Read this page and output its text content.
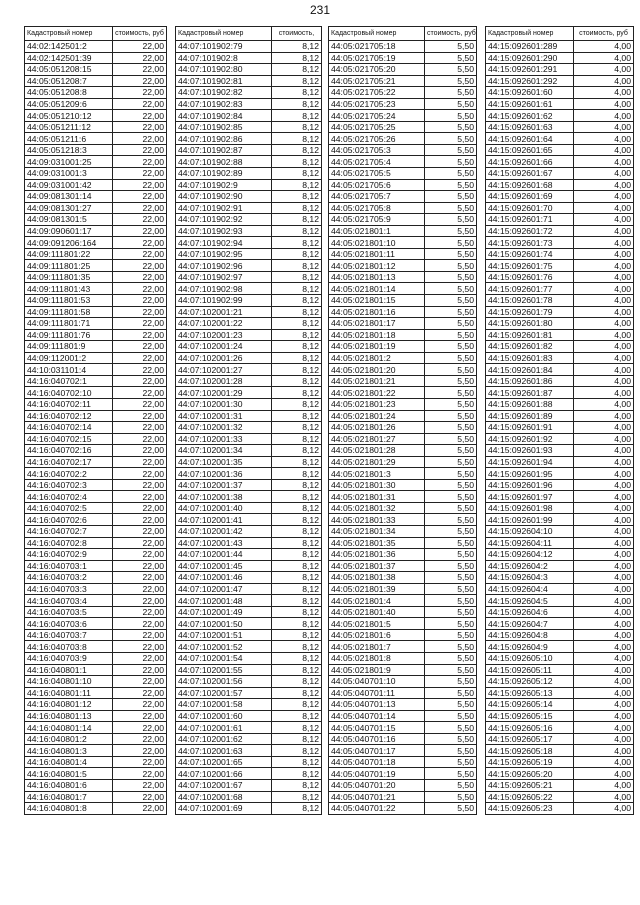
231
Кадастровый номер	стоимость, руб
44:02:142501:2	22,00
44:02:142501:39	22,00
44:05:051208:15	22,00
44:05:051208:7	22,00
44:05:051208:8	22,00
44:05:051209:6	22,00
44:05:051210:12	22,00
44:05:051211:12	22,00
44:05:051211:6	22,00
44:05:051218:3	22,00
44:09:031001:25	22,00
44:09:031001:3	22,00
44:09:031001:42	22,00
44:09:081301:14	22,00
44:09:081301:27	22,00
44:09:081301:5	22,00
44:09:090601:17	22,00
44:09:091206:164	22,00
44:09:111801:22	22,00
44:09:111801:25	22,00
44:09:111801:35	22,00
44:09:111801:43	22,00
44:09:111801:53	22,00
44:09:111801:58	22,00
44:09:111801:71	22,00
44:09:111801:76	22,00
44:09:111801:9	22,00
44:09:112001:2	22,00
44:10:031101:4	22,00
44:16:040702:1	22,00
44:16:040702:10	22,00
44:16:040702:11	22,00
44:16:040702:12	22,00
44:16:040702:14	22,00
44:16:040702:15	22,00
44:16:040702:16	22,00
44:16:040702:17	22,00
44:16:040702:2	22,00
44:16:040702:3	22,00
44:16:040702:4	22,00
44:16:040702:5	22,00
44:16:040702:6	22,00
44:16:040702:7	22,00
44:16:040702:8	22,00
44:16:040702:9	22,00
44:16:040703:1	22,00
44:16:040703:2	22,00
44:16:040703:3	22,00
44:16:040703:4	22,00
44:16:040703:5	22,00
44:16:040703:6	22,00
44:16:040703:7	22,00
44:16:040703:8	22,00
44:16:040703:9	22,00
44:16:040801:1	22,00
44:16:040801:10	22,00
44:16:040801:11	22,00
44:16:040801:12	22,00
44:16:040801:13	22,00
44:16:040801:14	22,00
44:16:040801:2	22,00
44:16:040801:3	22,00
44:16:040801:4	22,00
44:16:040801:5	22,00
44:16:040801:6	22,00
44:16:040801:7	22,00
44:16:040801:8	22,00
Кадастровый номер	стоимость,
44:07:101902:79	8,12
44:07:101902:8	8,12
44:07:101902:80	8,12
44:07:101902:81	8,12
44:07:101902:82	8,12
44:07:101902:83	8,12
44:07:101902:84	8,12
44:07:101902:85	8,12
44:07:101902:86	8,12
44:07:101902:87	8,12
44:07:101902:88	8,12
44:07:101902:89	8,12
44:07:101902:9	8,12
44:07:101902:90	8,12
44:07:101902:91	8,12
44:07:101902:92	8,12
44:07:101902:93	8,12
44:07:101902:94	8,12
44:07:101902:95	8,12
44:07:101902:96	8,12
44:07:101902:97	8,12
44:07:101902:98	8,12
44:07:101902:99	8,12
44:07:102001:21	8,12
44:07:102001:22	8,12
44:07:102001:23	8,12
44:07:102001:24	8,12
44:07:102001:26	8,12
44:07:102001:27	8,12
44:07:102001:28	8,12
44:07:102001:29	8,12
44:07:102001:30	8,12
44:07:102001:31	8,12
44:07:102001:32	8,12
44:07:102001:33	8,12
44:07:102001:34	8,12
44:07:102001:35	8,12
44:07:102001:36	8,12
44:07:102001:37	8,12
44:07:102001:38	8,12
44:07:102001:40	8,12
44:07:102001:41	8,12
44:07:102001:42	8,12
44:07:102001:43	8,12
44:07:102001:44	8,12
44:07:102001:45	8,12
44:07:102001:46	8,12
44:07:102001:47	8,12
44:07:102001:48	8,12
44:07:102001:49	8,12
44:07:102001:50	8,12
44:07:102001:51	8,12
44:07:102001:52	8,12
44:07:102001:54	8,12
44:07:102001:55	8,12
44:07:102001:56	8,12
44:07:102001:57	8,12
44:07:102001:58	8,12
44:07:102001:60	8,12
44:07:102001:61	8,12
44:07:102001:62	8,12
44:07:102001:63	8,12
44:07:102001:65	8,12
44:07:102001:66	8,12
44:07:102001:67	8,12
44:07:102001:68	8,12
44:07:102001:69	8,12
Кадастровый номер	стоимость, руб
44:05:021705:18	5,50
44:05:021705:19	5,50
44:05:021705:20	5,50
44:05:021705:21	5,50
44:05:021705:22	5,50
44:05:021705:23	5,50
44:05:021705:24	5,50
44:05:021705:25	5,50
44:05:021705:26	5,50
44:05:021705:3	5,50
44:05:021705:4	5,50
44:05:021705:5	5,50
44:05:021705:6	5,50
44:05:021705:7	5,50
44:05:021705:8	5,50
44:05:021705:9	5,50
44:05:021801:1	5,50
44:05:021801:10	5,50
44:05:021801:11	5,50
44:05:021801:12	5,50
44:05:021801:13	5,50
44:05:021801:14	5,50
44:05:021801:15	5,50
44:05:021801:16	5,50
44:05:021801:17	5,50
44:05:021801:18	5,50
44:05:021801:19	5,50
44:05:021801:2	5,50
44:05:021801:20	5,50
44:05:021801:21	5,50
44:05:021801:22	5,50
44:05:021801:23	5,50
44:05:021801:24	5,50
44:05:021801:26	5,50
44:05:021801:27	5,50
44:05:021801:28	5,50
44:05:021801:29	5,50
44:05:021801:3	5,50
44:05:021801:30	5,50
44:05:021801:31	5,50
44:05:021801:32	5,50
44:05:021801:33	5,50
44:05:021801:34	5,50
44:05:021801:35	5,50
44:05:021801:36	5,50
44:05:021801:37	5,50
44:05:021801:38	5,50
44:05:021801:39	5,50
44:05:021801:4	5,50
44:05:021801:40	5,50
44:05:021801:5	5,50
44:05:021801:6	5,50
44:05:021801:7	5,50
44:05:021801:8	5,50
44:05:021801:9	5,50
44:05:040701:10	5,50
44:05:040701:11	5,50
44:05:040701:13	5,50
44:05:040701:14	5,50
44:05:040701:15	5,50
44:05:040701:16	5,50
44:05:040701:17	5,50
44:05:040701:18	5,50
44:05:040701:19	5,50
44:05:040701:20	5,50
44:05:040701:21	5,50
44:05:040701:22	5,50
Кадастровый номер	стоимость, руб
44:15:092601:289	4,00
44:15:092601:290	4,00
44:15:092601:291	4,00
44:15:092601:292	4,00
44:15:092601:60	4,00
44:15:092601:61	4,00
44:15:092601:62	4,00
44:15:092601:63	4,00
44:15:092601:64	4,00
44:15:092601:65	4,00
44:15:092601:66	4,00
44:15:092601:67	4,00
44:15:092601:68	4,00
44:15:092601:69	4,00
44:15:092601:70	4,00
44:15:092601:71	4,00
44:15:092601:72	4,00
44:15:092601:73	4,00
44:15:092601:74	4,00
44:15:092601:75	4,00
44:15:092601:76	4,00
44:15:092601:77	4,00
44:15:092601:78	4,00
44:15:092601:79	4,00
44:15:092601:80	4,00
44:15:092601:81	4,00
44:15:092601:82	4,00
44:15:092601:83	4,00
44:15:092601:84	4,00
44:15:092601:86	4,00
44:15:092601:87	4,00
44:15:092601:88	4,00
44:15:092601:89	4,00
44:15:092601:91	4,00
44:15:092601:92	4,00
44:15:092601:93	4,00
44:15:092601:94	4,00
44:15:092601:95	4,00
44:15:092601:96	4,00
44:15:092601:97	4,00
44:15:092601:98	4,00
44:15:092601:99	4,00
44:15:092604:10	4,00
44:15:092604:11	4,00
44:15:092604:12	4,00
44:15:092604:2	4,00
44:15:092604:3	4,00
44:15:092604:4	4,00
44:15:092604:5	4,00
44:15:092604:6	4,00
44:15:092604:7	4,00
44:15:092604:8	4,00
44:15:092604:9	4,00
44:15:092605:10	4,00
44:15:092605:11	4,00
44:15:092605:12	4,00
44:15:092605:13	4,00
44:15:092605:14	4,00
44:15:092605:15	4,00
44:15:092605:16	4,00
44:15:092605:17	4,00
44:15:092605:18	4,00
44:15:092605:19	4,00
44:15:092605:20	4,00
44:15:092605:21	4,00
44:15:092605:22	4,00
44:15:092605:23	4,00
